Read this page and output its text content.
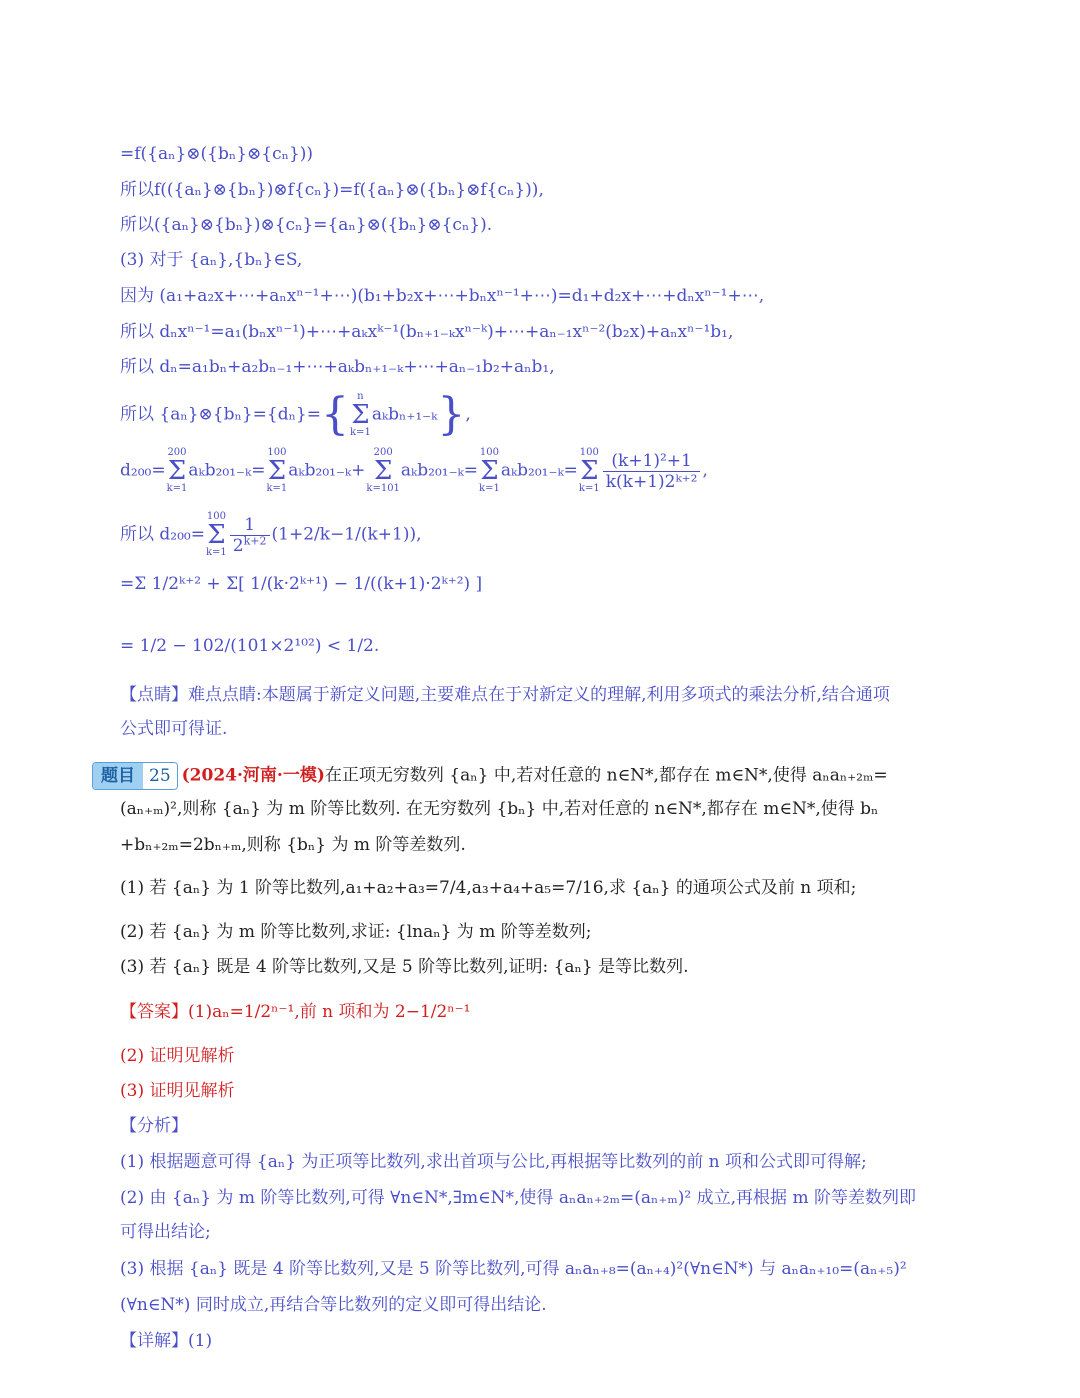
=f({aₙ}⊗({bₙ}⊗{cₙ}))
所以f(({aₙ}⊗{bₙ})⊗f{cₙ})=f({aₙ}⊗({bₙ}⊗f{cₙ})),
所以({aₙ}⊗{bₙ})⊗{cₙ}={aₙ}⊗({bₙ}⊗{cₙ}).
(3) 对于 {aₙ},{bₙ}∈S,
因为 (a₁+a₂x+⋯+aₙxⁿ⁻¹+⋯)(b₁+b₂x+⋯+bₙxⁿ⁻¹+⋯)=d₁+d₂x+⋯+dₙxⁿ⁻¹+⋯,
所以 dₙxⁿ⁻¹=a₁(bₙxⁿ⁻¹)+⋯+aₖxᵏ⁻¹(bₙ₊₁₋ₖxⁿ⁻ᵏ)+⋯+aₙ₋₁xⁿ⁻²(b₂x)+aₙxⁿ⁻¹b₁,
所以 dₙ=a₁bₙ+a₂bₙ₋₁+⋯+aₖbₙ₊₁₋ₖ+⋯+aₙ₋₁b₂+aₙb₁,
所以 {aₙ}⊗{bₙ}={dₙ}={ n
Σ
k=1
aₖbₙ₊₁₋ₖ},
d₂₀₀=
200
Σ
k=1
aₖb₂₀₁₋ₖ=
100
Σ
k=1
aₖb₂₀₁₋ₖ+
200
Σ
k=101
aₖb₂₀₁₋ₖ=
100
Σ
k=1
aₖb₂₀₁₋ₖ=
100
Σ
$k=1 \frac{\text{(k+1)²+1}}{\text{k(k+1)2ᵏ⁺²}}$ ,
所以 d₂₀₀=
100
Σ
$k=1 \frac{1}{2^{k+2}} (1+2/k-1/(k+1))$,
=Σ 1/2ᵏ⁺² + Σ[ 1/(k·2ᵏ⁺¹) − 1/((k+1)·2ᵏ⁺²) ]
= 1/2 − 102/(101×2¹⁰²) < 1/2.
【点睛】难点点睛:本题属于新定义问题,主要难点在于对新定义的理解,利用多项式的乘法分析,结合通项
公式即可得证.
题目 25 (2024·河南·一模)在正项无穷数列 {aₙ} 中,若对任意的 n∈N*,都存在 m∈N*,使得 aₙaₙ₊₂ₘ=
(aₙ₊ₘ)²,则称 {aₙ} 为 m 阶等比数列. 在无穷数列 {bₙ} 中,若对任意的 n∈N*,都存在 m∈N*,使得 bₙ
+bₙ₊₂ₘ=2bₙ₊ₘ,则称 {bₙ} 为 m 阶等差数列.
(1) 若 {aₙ} 为 1 阶等比数列,a₁+a₂+a₃=7/4,a₃+a₄+a₅=7/16,求 {aₙ} 的通项公式及前 n 项和;
(2) 若 {aₙ} 为 m 阶等比数列,求证: {lnaₙ} 为 m 阶等差数列;
(3) 若 {aₙ} 既是 4 阶等比数列,又是 5 阶等比数列,证明: {aₙ} 是等比数列.
【答案】(1)aₙ=1/2ⁿ⁻¹,前 n 项和为 2−1/2ⁿ⁻¹
(2) 证明见解析
(3) 证明见解析
【分析】
(1) 根据题意可得 {aₙ} 为正项等比数列,求出首项与公比,再根据等比数列的前 n 项和公式即可得解;
(2) 由 {aₙ} 为 m 阶等比数列,可得 ∀n∈N*,∃m∈N*,使得 aₙaₙ₊₂ₘ=(aₙ₊ₘ)² 成立,再根据 m 阶等差数列即
可得出结论;
(3) 根据 {aₙ} 既是 4 阶等比数列,又是 5 阶等比数列,可得 aₙaₙ₊₈=(aₙ₊₄)²(∀n∈N*) 与 aₙaₙ₊₁₀=(aₙ₊₅)²
(∀n∈N*) 同时成立,再结合等比数列的定义即可得出结论.
【详解】(1)
